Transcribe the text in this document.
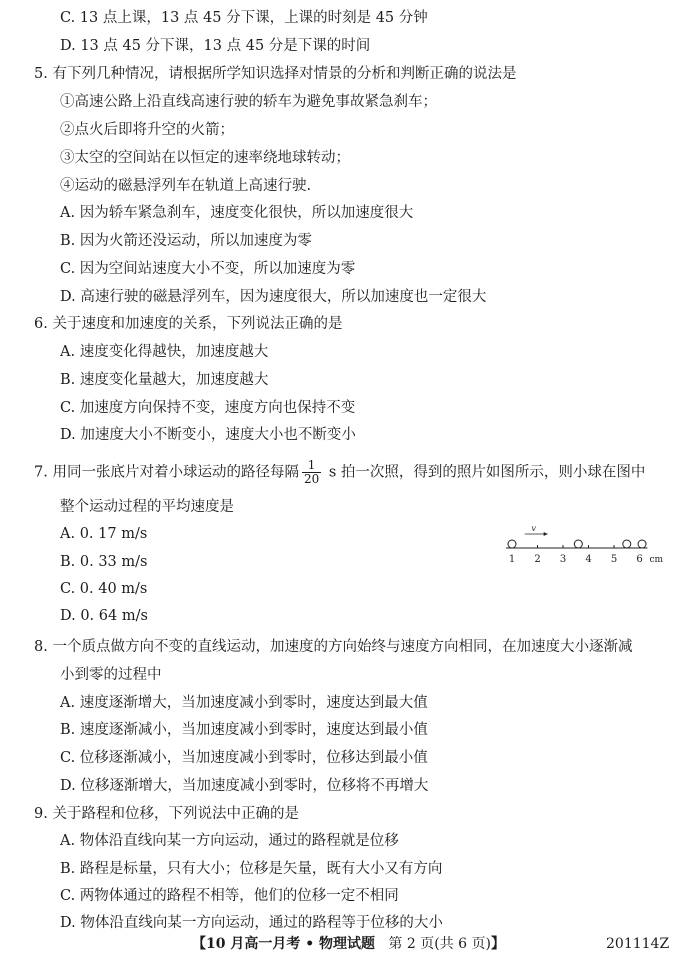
C. 13 点上课，13 点 45 分下课，上课的时刻是 45 分钟
D. 13 点 45 分下课，13 点 45 分是下课的时间
5. 有下列几种情况，请根据所学知识选择对情景的分析和判断正确的说法是
①高速公路上沿直线高速行驶的轿车为避免事故紧急刹车；
②点火后即将升空的火箭；
③太空的空间站在以恒定的速率绕地球转动；
④运动的磁悬浮列车在轨道上高速行驶.
A. 因为轿车紧急刹车，速度变化很快，所以加速度很大
B. 因为火箭还没运动，所以加速度为零
C. 因为空间站速度大小不变，所以加速度为零
D. 高速行驶的磁悬浮列车，因为速度很大，所以加速度也一定很大
6. 关于速度和加速度的关系，下列说法正确的是
A. 速度变化得越快，加速度越大
B. 速度变化量越大，加速度越大
C. 加速度方向保持不变，速度方向也保持不变
D. 加速度大小不断变小，速度大小也不断变小
7. 用同一张底片对着小球运动的路径每隔 $\frac{1}{20}$ s 拍一次照，得到的照片如图所示，则小球在图中
整个运动过程的平均速度是
A. 0. 17 m/s
B. 0. 33 m/s
C. 0. 40 m/s
D. 0. 64 m/s
1 2 3 4 5 6 cm
v
8. 一个质点做方向不变的直线运动，加速度的方向始终与速度方向相同，在加速度大小逐渐减
小到零的过程中
A. 速度逐渐增大，当加速度减小到零时，速度达到最大值
B. 速度逐渐减小，当加速度减小到零时，速度达到最小值
C. 位移逐渐减小，当加速度减小到零时，位移达到最小值
D. 位移逐渐增大，当加速度减小到零时，位移将不再增大
9. 关于路程和位移，下列说法中正确的是
A. 物体沿直线向某一方向运动，通过的路程就是位移
B. 路程是标量，只有大小；位移是矢量，既有大小又有方向
C. 两物体通过的路程不相等，他们的位移一定不相同
D. 物体沿直线向某一方向运动，通过的路程等于位移的大小
【10 月高一月考 • 物理试题 第 2 页(共 6 页)】	201114Z
